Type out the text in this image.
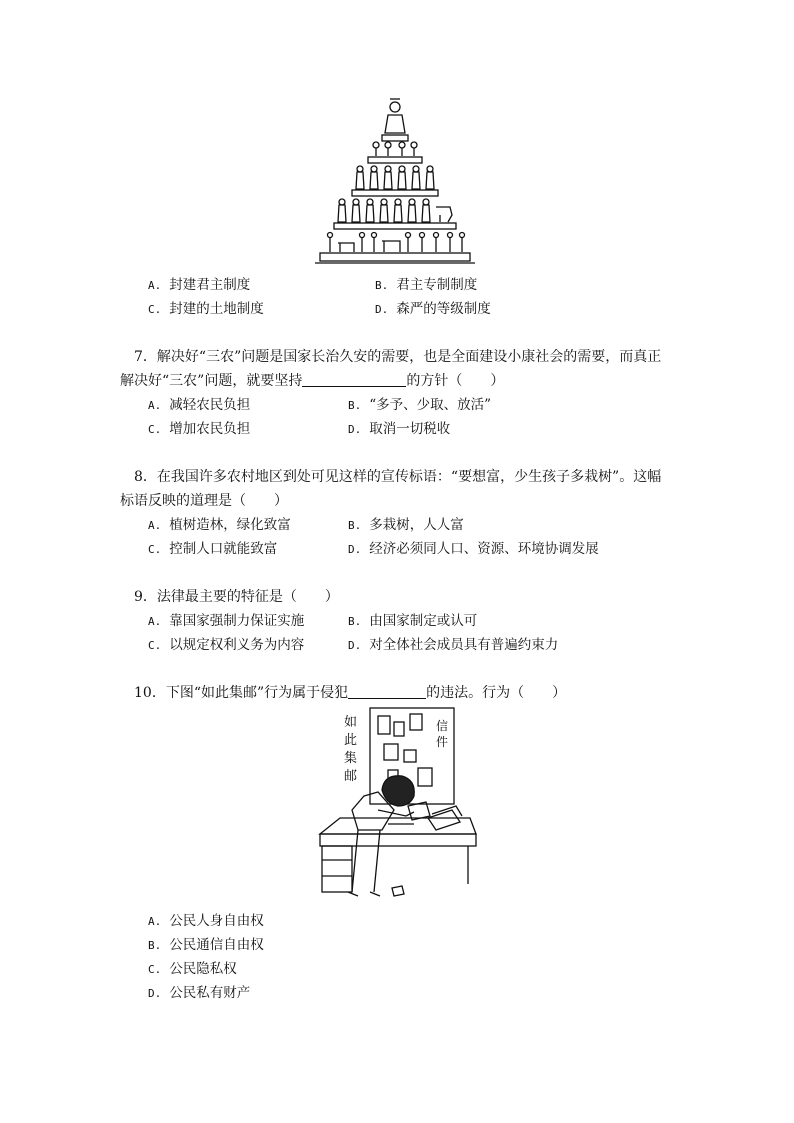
A. 封建君主制度	B. 君主专制制度
C. 封建的土地制度	D. 森严的等级制度
7．解决好“三农”问题是国家长治久安的需要，也是全面建设小康社会的需要，而真正
解决好“三农”问题，就要坚持	的方针（　　）
A. 减轻农民负担	B. “多予、少取、放活”
C. 增加农民负担	D. 取消一切税收
8．在我国许多农村地区到处可见这样的宣传标语：“要想富，少生孩子多栽树”。这幅
标语反映的道理是（　　）
A. 植树造林，绿化致富	B. 多栽树，人人富
C. 控制人口就能致富	D. 经济必须同人口、资源、环境协调发展
9．法律最主要的特征是（　　）
A. 靠国家强制力保证实施	B. 由国家制定或认可
C. 以规定权利义务为内容	D. 对全体社会成员具有普遍约束力
10．下图“如此集邮”行为属于侵犯	的违法。行为（　　）
如
此
集
邮
信
件
A. 公民人身自由权
B. 公民通信自由权
C. 公民隐私权
D. 公民私有财产
